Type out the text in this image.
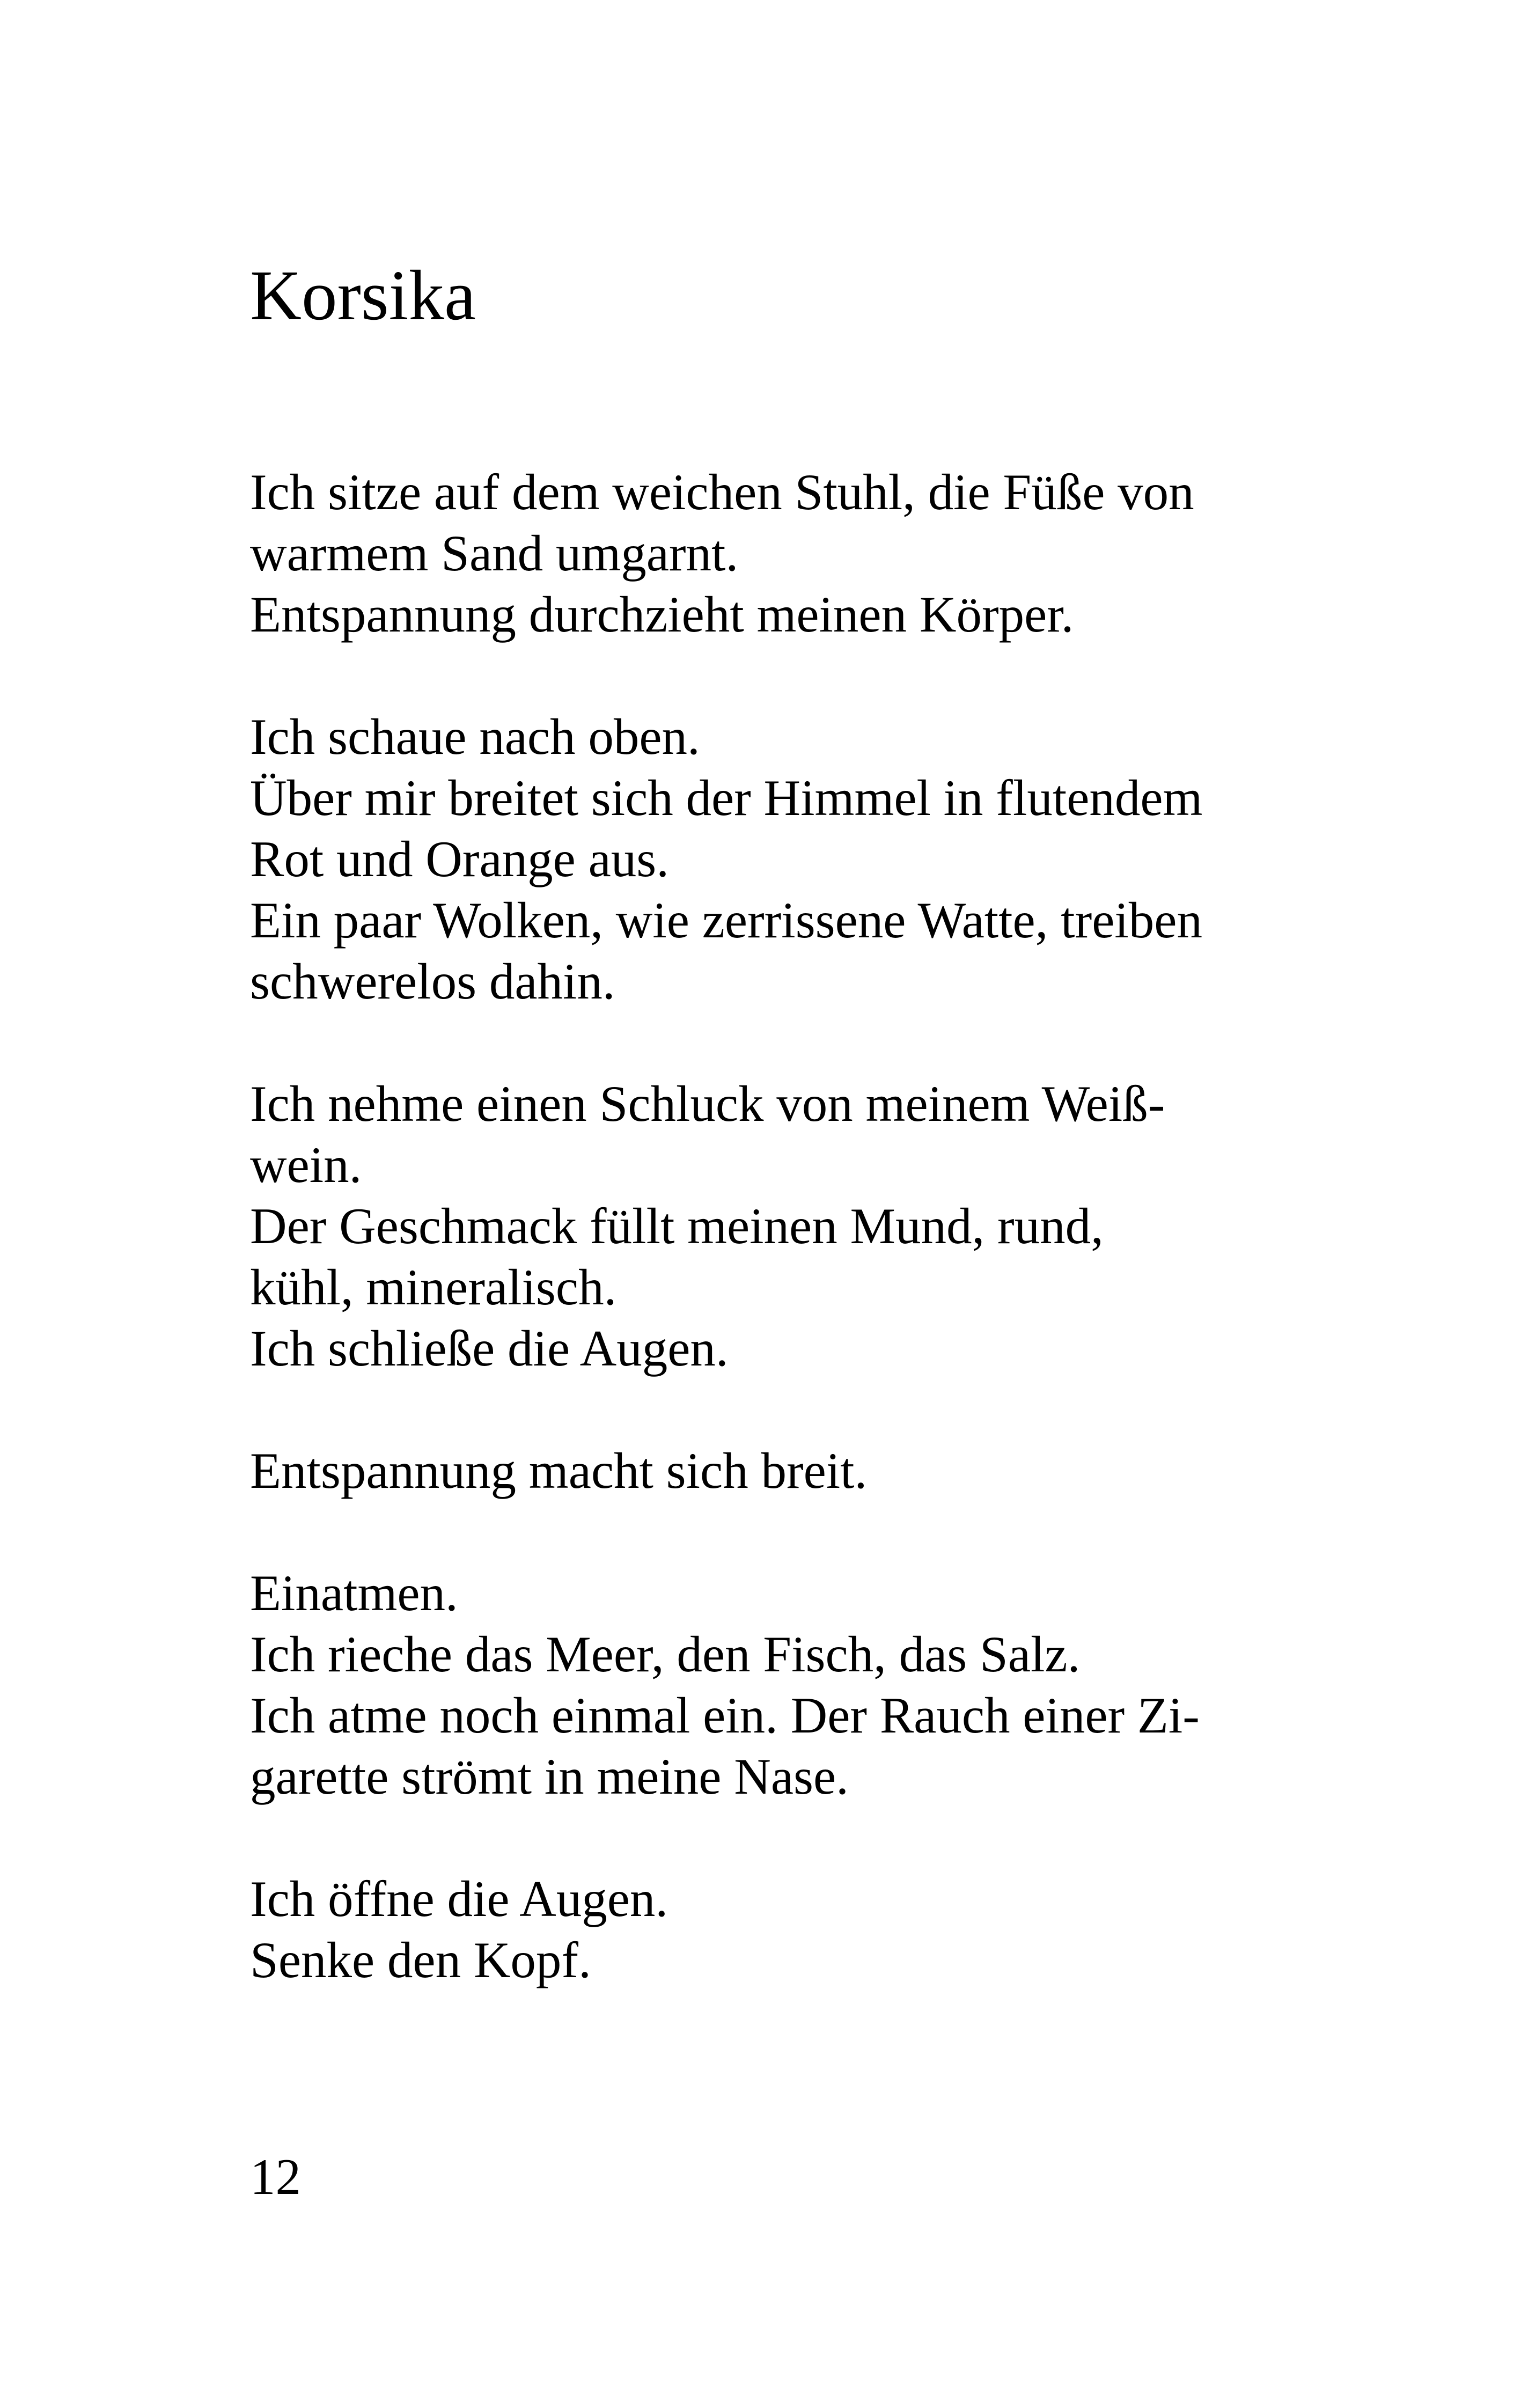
Korsika
Ich sitze auf dem weichen Stuhl, die Füße von
warmem Sand umgarnt.
Entspannung durchzieht meinen Körper.
Ich schaue nach oben.
Über mir breitet sich der Himmel in flutendem
Rot und Orange aus.
Ein paar Wolken, wie zerrissene Watte, treiben
schwerelos dahin.
Ich nehme einen Schluck von meinem Weiß-
wein.
Der Geschmack füllt meinen Mund, rund,
kühl, mineralisch.
Ich schließe die Augen.
Entspannung macht sich breit.
Einatmen.
Ich rieche das Meer, den Fisch, das Salz.
Ich atme noch einmal ein. Der Rauch einer Zi-
garette strömt in meine Nase.
Ich öffne die Augen.
Senke den Kopf.
12
